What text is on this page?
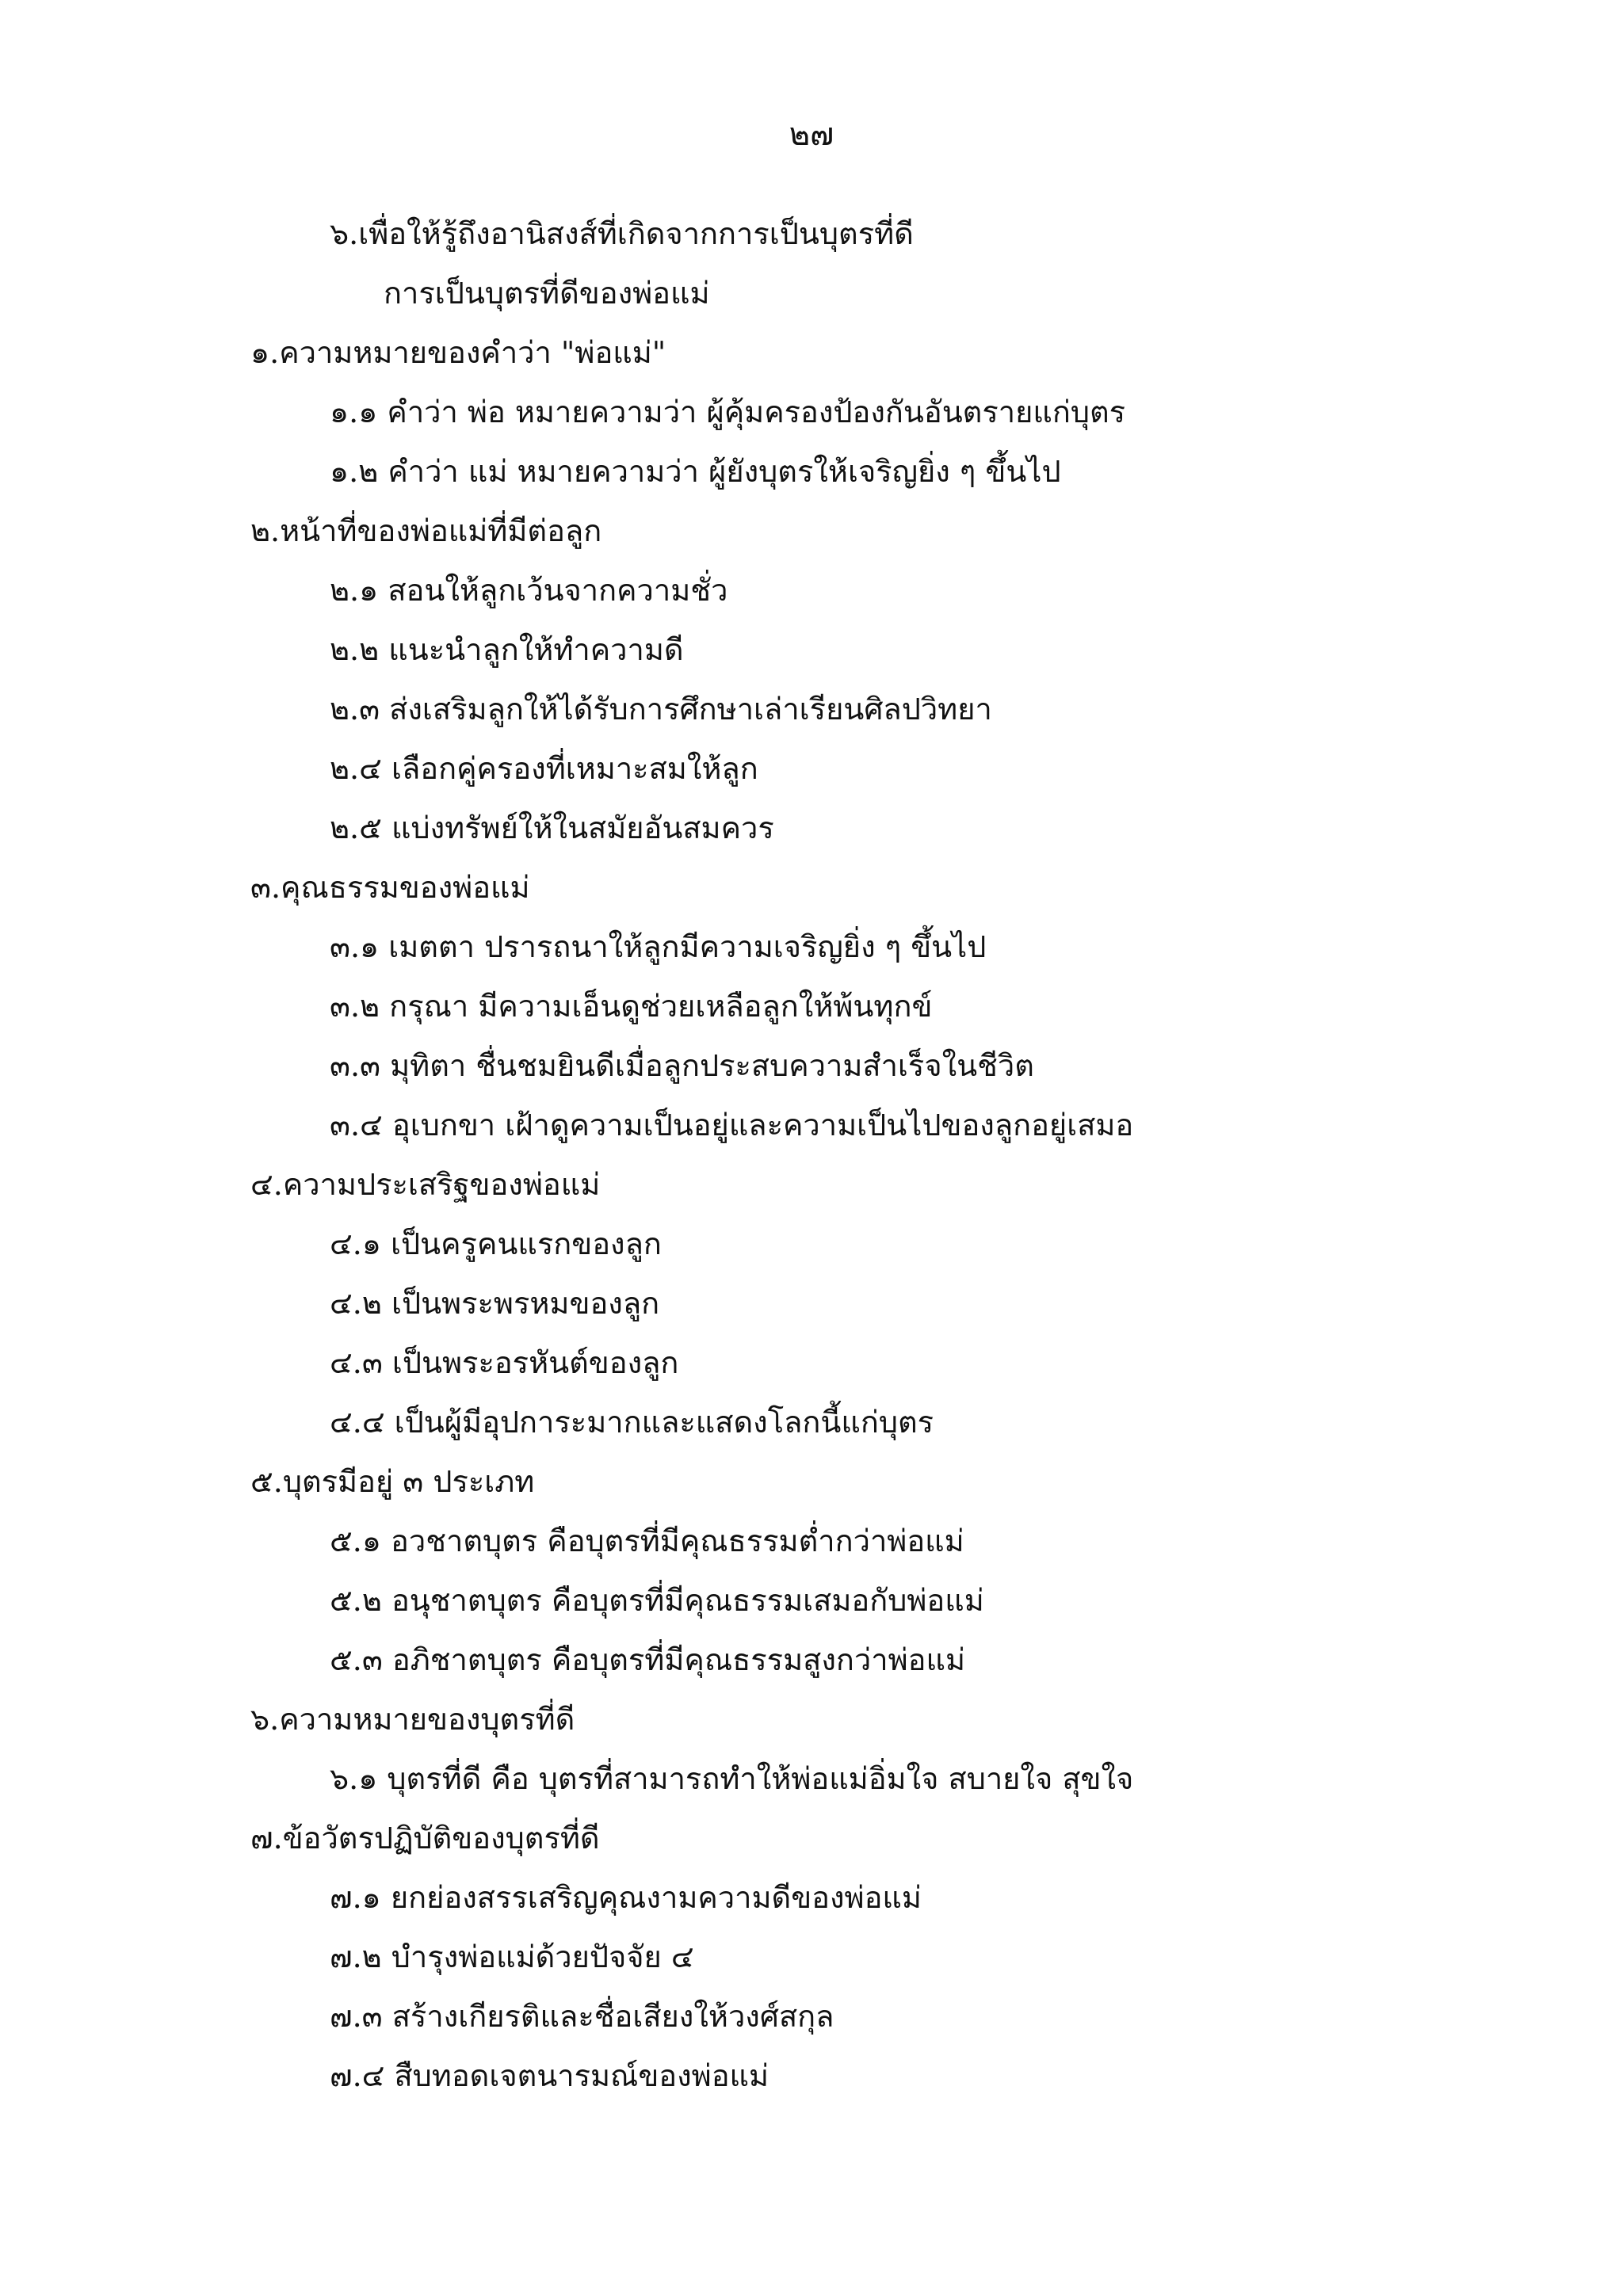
๒๗
๖.เพื่อให้รู้ถึงอานิสงส์ที่เกิดจากการเป็นบุตรที่ดี
การเป็นบุตรที่ดีของพ่อแม่
๑.ความหมายของคำว่า "พ่อแม่"
๑.๑ คำว่า พ่อ หมายความว่า ผู้คุ้มครองป้องกันอันตรายแก่บุตร
๑.๒ คำว่า แม่ หมายความว่า ผู้ยังบุตรให้เจริญยิ่ง ๆ ขึ้นไป
๒.หน้าที่ของพ่อแม่ที่มีต่อลูก
๒.๑ สอนให้ลูกเว้นจากความชั่ว
๒.๒ แนะนำลูกให้ทำความดี
๒.๓ ส่งเสริมลูกให้ได้รับการศึกษาเล่าเรียนศิลปวิทยา
๒.๔ เลือกคู่ครองที่เหมาะสมให้ลูก
๒.๕ แบ่งทรัพย์ให้ในสมัยอันสมควร
๓.คุณธรรมของพ่อแม่
๓.๑ เมตตา ปรารถนาให้ลูกมีความเจริญยิ่ง ๆ ขึ้นไป
๓.๒ กรุณา มีความเอ็นดูช่วยเหลือลูกให้พ้นทุกข์
๓.๓ มุทิตา ชื่นชมยินดีเมื่อลูกประสบความสำเร็จในชีวิต
๓.๔ อุเบกขา เฝ้าดูความเป็นอยู่และความเป็นไปของลูกอยู่เสมอ
๔.ความประเสริฐของพ่อแม่
๔.๑ เป็นครูคนแรกของลูก
๔.๒ เป็นพระพรหมของลูก
๔.๓ เป็นพระอรหันต์ของลูก
๔.๔ เป็นผู้มีอุปการะมากและแสดงโลกนี้แก่บุตร
๕.บุตรมีอยู่ ๓ ประเภท
๕.๑ อวชาตบุตร คือบุตรที่มีคุณธรรมต่ำกว่าพ่อแม่
๕.๒ อนุชาตบุตร คือบุตรที่มีคุณธรรมเสมอกับพ่อแม่
๕.๓ อภิชาตบุตร คือบุตรที่มีคุณธรรมสูงกว่าพ่อแม่
๖.ความหมายของบุตรที่ดี
๖.๑ บุตรที่ดี คือ บุตรที่สามารถทำให้พ่อแม่อิ่มใจ สบายใจ สุขใจ
๗.ข้อวัตรปฏิบัติของบุตรที่ดี
๗.๑ ยกย่องสรรเสริญคุณงามความดีของพ่อแม่
๗.๒ บำรุงพ่อแม่ด้วยปัจจัย ๔
๗.๓ สร้างเกียรติและชื่อเสียงให้วงศ์สกุล
๗.๔ สืบทอดเจตนารมณ์ของพ่อแม่
